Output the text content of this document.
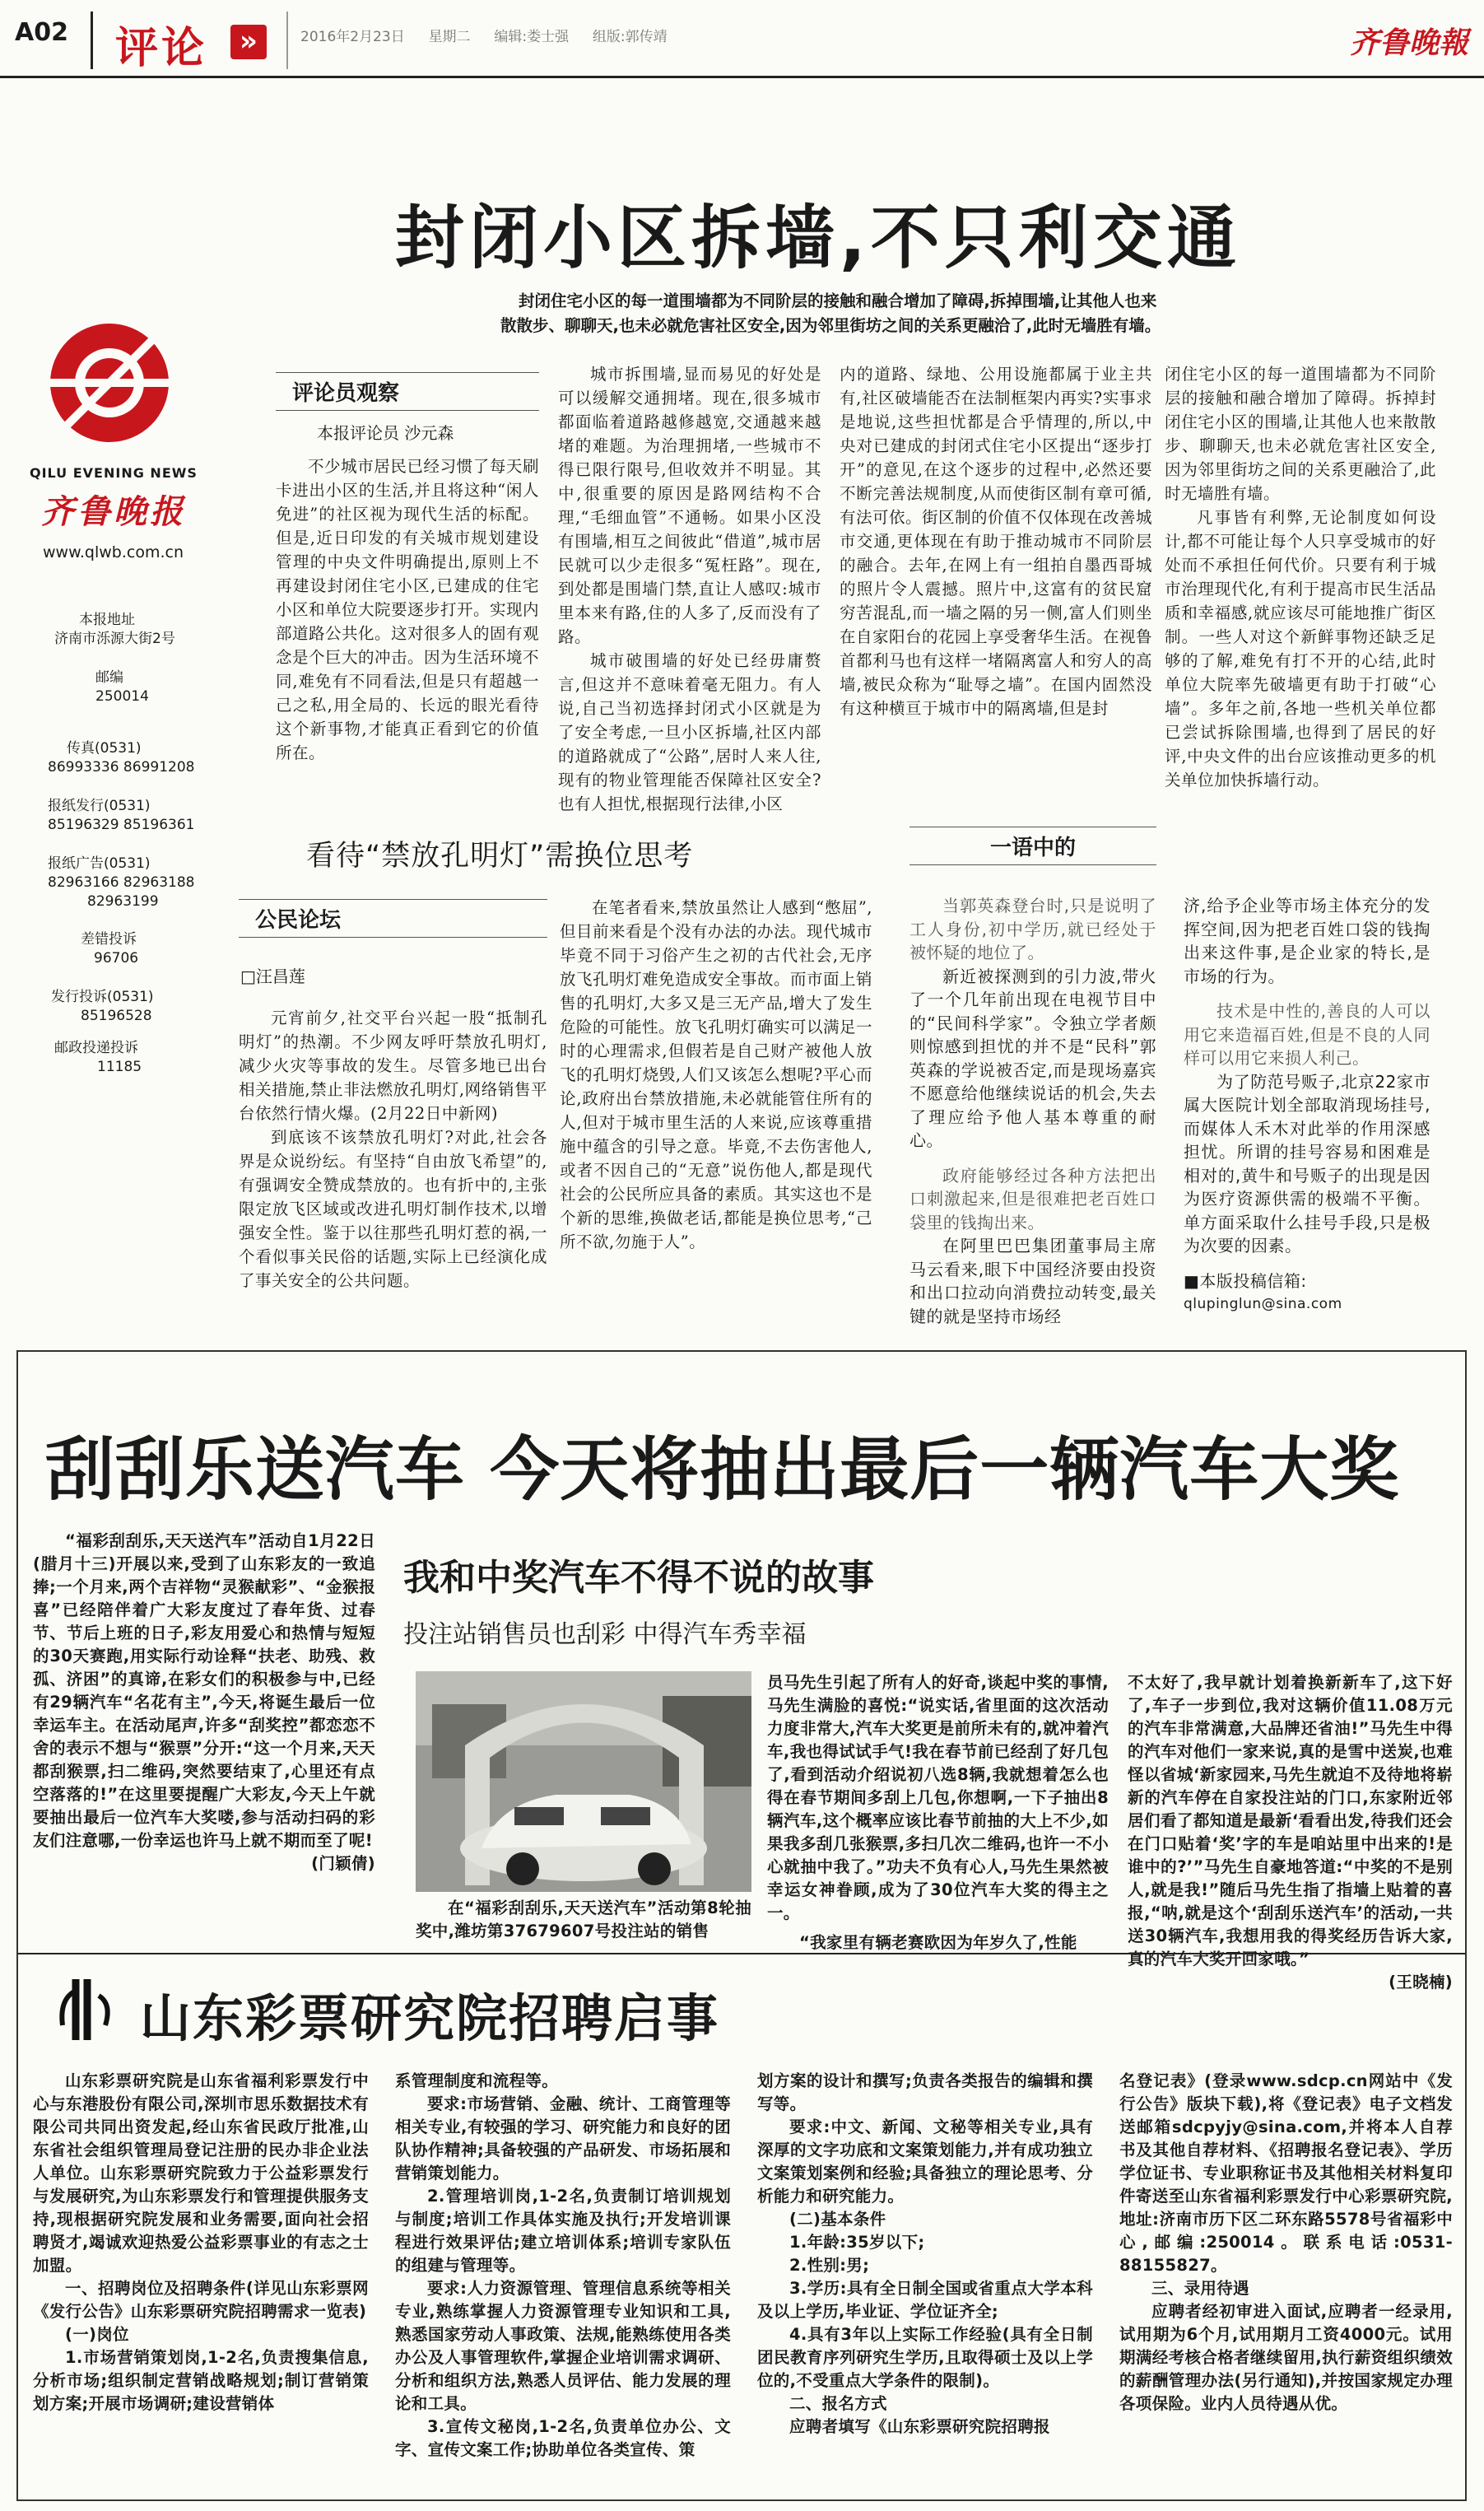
A02 评论	»	2016年2月23日 星期二 编辑:娄士强 组版:郭传靖	齐鲁晚報
QILU EVENING NEWS
齐鲁晚报
www.qlwb.com.cn
本报地址
济南市泺源大街2号
邮编
250014
传真(0531)
86993336 86991208
报纸发行(0531)
85196329 85196361
报纸广告(0531)
82963166 82963188
82963199
差错投诉
96706
发行投诉(0531)
85196528
邮政投递投诉
11185
封闭小区拆墙,不只利交通
封闭住宅小区的每一道围墙都为不同阶层的接触和融合增加了障碍,拆掉围墙,让其他人也来
散散步、聊聊天,也未必就危害社区安全,因为邻里街坊之间的关系更融洽了,此时无墙胜有墙。
评论员观察
本报评论员 沙元森

不少城市居民已经习惯了每天刷卡进出小区的生活,并且将这种“闲人免进”的社区视为现代生活的标配。但是,近日印发的有关城市规划建设管理的中央文件明确提出,原则上不再建设封闭住宅小区,已建成的住宅小区和单位大院要逐步打开。实现内部道路公共化。这对很多人的固有观念是个巨大的冲击。因为生活环境不同,难免有不同看法,但是只有超越一己之私,用全局的、长远的眼光看待这个新事物,才能真正看到它的价值所在。

城市拆围墙,显而易见的好处是可以缓解交通拥堵。现在,很多城市都面临着道路越修越宽,交通越来越堵的难题。为治理拥堵,一些城市不得已限行限号,但收效并不明显。其中,很重要的原因是路网结构不合理,“毛细血管”不通畅。如果小区没有围墙,相互之间彼此“借道”,城市居民就可以少走很多“冤枉路”。现在,到处都是围墙门禁,直让人感叹:城市里本来有路,住的人多了,反而没有了路。

城市破围墙的好处已经毋庸赘言,但这并不意味着毫无阻力。有人说,自己当初选择封闭式小区就是为了安全考虑,一旦小区拆墙,社区内部的道路就成了“公路”,居时人来人往,现有的物业管理能否保障社区安全?也有人担忧,根据现行法律,小区

内的道路、绿地、公用设施都属于业主共有,社区破墙能否在法制框架内再实?实事求是地说,这些担忧都是合乎情理的,所以,中央对已建成的封闭式住宅小区提出“逐步打开”的意见,在这个逐步的过程中,必然还要不断完善法规制度,从而使街区制有章可循,有法可依。街区制的价值不仅体现在改善城市交通,更体现在有助于推动城市不同阶层的融合。去年,在网上有一组拍自墨西哥城的照片令人震撼。照片中,这富有的贫民窟穷苦混乱,而一墙之隔的另一侧,富人们则坐在自家阳台的花园上享受奢华生活。在视鲁首都利马也有这样一堵隔离富人和穷人的高墙,被民众称为“耻辱之墙”。在国内固然没有这种横亘于城市中的隔离墙,但是封

闭住宅小区的每一道围墙都为不同阶层的接触和融合增加了障碍。拆掉封闭住宅小区的围墙,让其他人也来散散步、聊聊天,也未必就危害社区安全,因为邻里街坊之间的关系更融洽了,此时无墙胜有墙。

凡事皆有利弊,无论制度如何设计,都不可能让每个人只享受城市的好处而不承担任何代价。只要有利于城市治理现代化,有利于提高市民生活品质和幸福感,就应该尽可能地推广街区制。一些人对这个新鲜事物还缺乏足够的了解,难免有打不开的心结,此时单位大院率先破墙更有助于打破“心墙”。多年之前,各地一些机关单位都已尝试拆除围墙,也得到了居民的好评,中央文件的出台应该推动更多的机关单位加快拆墙行动。

看待“禁放孔明灯”需换位思考
公民论坛
□汪昌莲

元宵前夕,社交平台兴起一股“抵制孔明灯”的热潮。不少网友呼吁禁放孔明灯,减少火灾等事故的发生。尽管多地已出台相关措施,禁止非法燃放孔明灯,网络销售平台依然行情火爆。(2月22日中新网)

到底该不该禁放孔明灯?对此,社会各界是众说纷纭。有坚持“自由放飞希望”的,有强调安全赞成禁放的。也有折中的,主张限定放飞区域或改进孔明灯制作技术,以增强安全性。鉴于以往那些孔明灯惹的祸,一个看似事关民俗的话题,实际上已经演化成了事关安全的公共问题。

在笔者看来,禁放虽然让人感到“憋屈”,但目前来看是个没有办法的办法。现代城市毕竟不同于习俗产生之初的古代社会,无序放飞孔明灯难免造成安全事故。而市面上销售的孔明灯,大多又是三无产品,增大了发生危险的可能性。放飞孔明灯确实可以满足一时的心理需求,但假若是自己财产被他人放飞的孔明灯烧毁,人们又该怎么想呢?平心而论,政府出台禁放措施,未必就能管住所有的人,但对于城市里生活的人来说,应该尊重措施中蕴含的引导之意。毕竟,不去伤害他人,或者不因自己的“无意”说伤他人,都是现代社会的公民所应具备的素质。其实这也不是个新的思维,换做老话,都能是换位思考,“己所不欲,勿施于人”。

一语中的

当郭英森登台时,只是说明了工人身份,初中学历,就已经处于被怀疑的地位了。

新近被探测到的引力波,带火了一个几年前出现在电视节目中的“民间科学家”。令独立学者颇则惊感到担忧的并不是“民科”郭英森的学说被否定,而是现场嘉宾不愿意给他继续说话的机会,失去了理应给予他人基本尊重的耐心。

政府能够经过各种方法把出口刺激起来,但是很难把老百姓口袋里的钱掏出来。

在阿里巴巴集团董事局主席马云看来,眼下中国经济要由投资和出口拉动向消费拉动转变,最关键的就是坚持市场经

济,给予企业等市场主体充分的发挥空间,因为把老百姓口袋的钱掏出来这件事,是企业家的特长,是市场的行为。

技术是中性的,善良的人可以用它来造福百姓,但是不良的人同样可以用它来损人利己。

为了防范号贩子,北京22家市属大医院计划全部取消现场挂号,而媒体人禾木对此举的作用深感担忧。所谓的挂号容易和困难是相对的,黄牛和号贩子的出现是因为医疗资源供需的极端不平衡。单方面采取什么挂号手段,只是极为次要的因素。

■本版投稿信箱:

qlupinglun@sina.com

刮刮乐送汽车 今天将抽出最后一辆汽车大奖

“福彩刮刮乐,天天送汽车”活动自1月22日(腊月十三)开展以来,受到了山东彩友的一致追捧;一个月来,两个吉祥物“灵猴献彩”、“金猴报喜”已经陪伴着广大彩友度过了春年货、过春节、节后上班的日子,彩友用爱心和热情与短短的30天赛跑,用实际行动诠释“扶老、助残、救孤、济困”的真谛,在彩女们的积极参与中,已经有29辆汽车“名花有主”,今天,将诞生最后一位幸运车主。在活动尾声,许多“刮奖控”都恋恋不舍的表示不想与“猴票”分开:“这一个月来,天天都刮猴票,扫二维码,突然要结束了,心里还有点空落落的!”在这里要提醒广大彩友,今天上午就要抽出最后一位汽车大奖喽,参与活动扫码的彩友们注意哪,一份幸运也许马上就不期而至了呢!

(门颖倩)
我和中奖汽车不得不说的故事
投注站销售员也刮彩 中得汽车秀幸福

在“福彩刮刮乐,天天送汽车”活动第8轮抽奖中,潍坊第37679607号投注站的销售

员马先生引起了所有人的好奇,谈起中奖的事情,马先生满脸的喜悦:“说实话,省里面的这次活动力度非常大,汽车大奖更是前所未有的,就冲着汽车,我也得试试手气!我在春节前已经刮了好几包了,看到活动介绍说初八选8辆,我就想着怎么也得在春节期间多刮上几包,你想啊,一下子抽出8辆汽车,这个概率应该比春节前抽的大上不少,如果我多刮几张猴票,多扫几次二维码,也许一不小心就抽中我了。”功夫不负有心人,马先生果然被幸运女神眷顾,成为了30位汽车大奖的得主之一。

“我家里有辆老赛欧因为年岁久了,性能

不太好了,我早就计划着换新新车了,这下好了,车子一步到位,我对这辆价值11.08万元的汽车非常满意,大品牌还省油!”马先生中得的汽车对他们一家来说,真的是雪中送炭,也难怪以省城‘新家园来,马先生就迫不及待地将崭新的汽车停在自家投注站的门口,东家附近邻居们看了都知道是最新‘看看出发,待我们还会在门口贴着‘奖’字的车是咱站里中出来的!是谁中的?’”马先生自豪地答道:“中奖的不是别人,就是我!”随后马先生指了指墙上贴着的喜报,“呐,就是这个‘刮刮乐送汽车’的活动,一共送30辆汽车,我想用我的得奖经历告诉大家,真的汽车大奖开回家哦。”

(王晓楠)
山东彩票研究院招聘启事

山东彩票研究院是山东省福利彩票发行中心与东港股份有限公司,深圳市思乐数据技术有限公司共同出资发起,经山东省民政厅批准,山东省社会组织管理局登记注册的民办非企业法人单位。山东彩票研究院致力于公益彩票发行与发展研究,为山东彩票发行和管理提供服务支持,现根据研究院发展和业务需要,面向社会招聘贤才,竭诚欢迎热爱公益彩票事业的有志之士加盟。

一、招聘岗位及招聘条件(详见山东彩票网《发行公告》山东彩票研究院招聘需求一览表)

(一)岗位

1.市场营销策划岗,1-2名,负责搜集信息,分析市场;组织制定营销战略规划;制订营销策划方案;开展市场调研;建设营销体

系管理制度和流程等。

要求:市场营销、金融、统计、工商管理等相关专业,有较强的学习、研究能力和良好的团队协作精神;具备较强的产品研发、市场拓展和营销策划能力。

2.管理培训岗,1-2名,负责制订培训规划与制度;培训工作具体实施及执行;开发培训课程进行效果评估;建立培训体系;培训专家队伍的组建与管理等。

要求:人力资源管理、管理信息系统等相关专业,熟练掌握人力资源管理专业知识和工具,熟悉国家劳动人事政策、法规,能熟练使用各类办公及人事管理软件,掌握企业培训需求调研、分析和组织方法,熟悉人员评估、能力发展的理论和工具。

3.宣传文秘岗,1-2名,负责单位办公、文字、宣传文案工作;协助单位各类宣传、策

划方案的设计和撰写;负责各类报告的编辑和撰写等。

要求:中文、新闻、文秘等相关专业,具有深厚的文字功底和文案策划能力,并有成功独立文案策划案例和经验;具备独立的理论思考、分析能力和研究能力。

(二)基本条件

1.年龄:35岁以下;

2.性别:男;

3.学历:具有全日制全国或省重点大学本科及以上学历,毕业证、学位证齐全;

4.具有3年以上实际工作经验(具有全日制团民教育序列研究生学历,且取得硕士及以上学位的,不受重点大学条件的限制)。

二、报名方式

应聘者填写《山东彩票研究院招聘报

名登记表》(登录www.sdcp.cn网站中《发行公告》版块下载),将《登记表》电子文档发送邮箱sdcpyjy@sina.com,并将本人自荐书及其他自荐材料、《招聘报名登记表》、学历学位证书、专业职称证书及其他相关材料复印件寄送至山东省福利彩票发行中心彩票研究院,地址:济南市历下区二环东路5578号省福彩中心,邮编:250014。联系电话:0531-88155827。

三、录用待遇

应聘者经初审进入面试,应聘者一经录用,试用期为6个月,试用期月工资4000元。试用期满经考核合格者继续留用,执行薪资组织绩效的薪酬管理办法(另行通知),并按国家规定办理各项保险。业内人员待遇从优。
